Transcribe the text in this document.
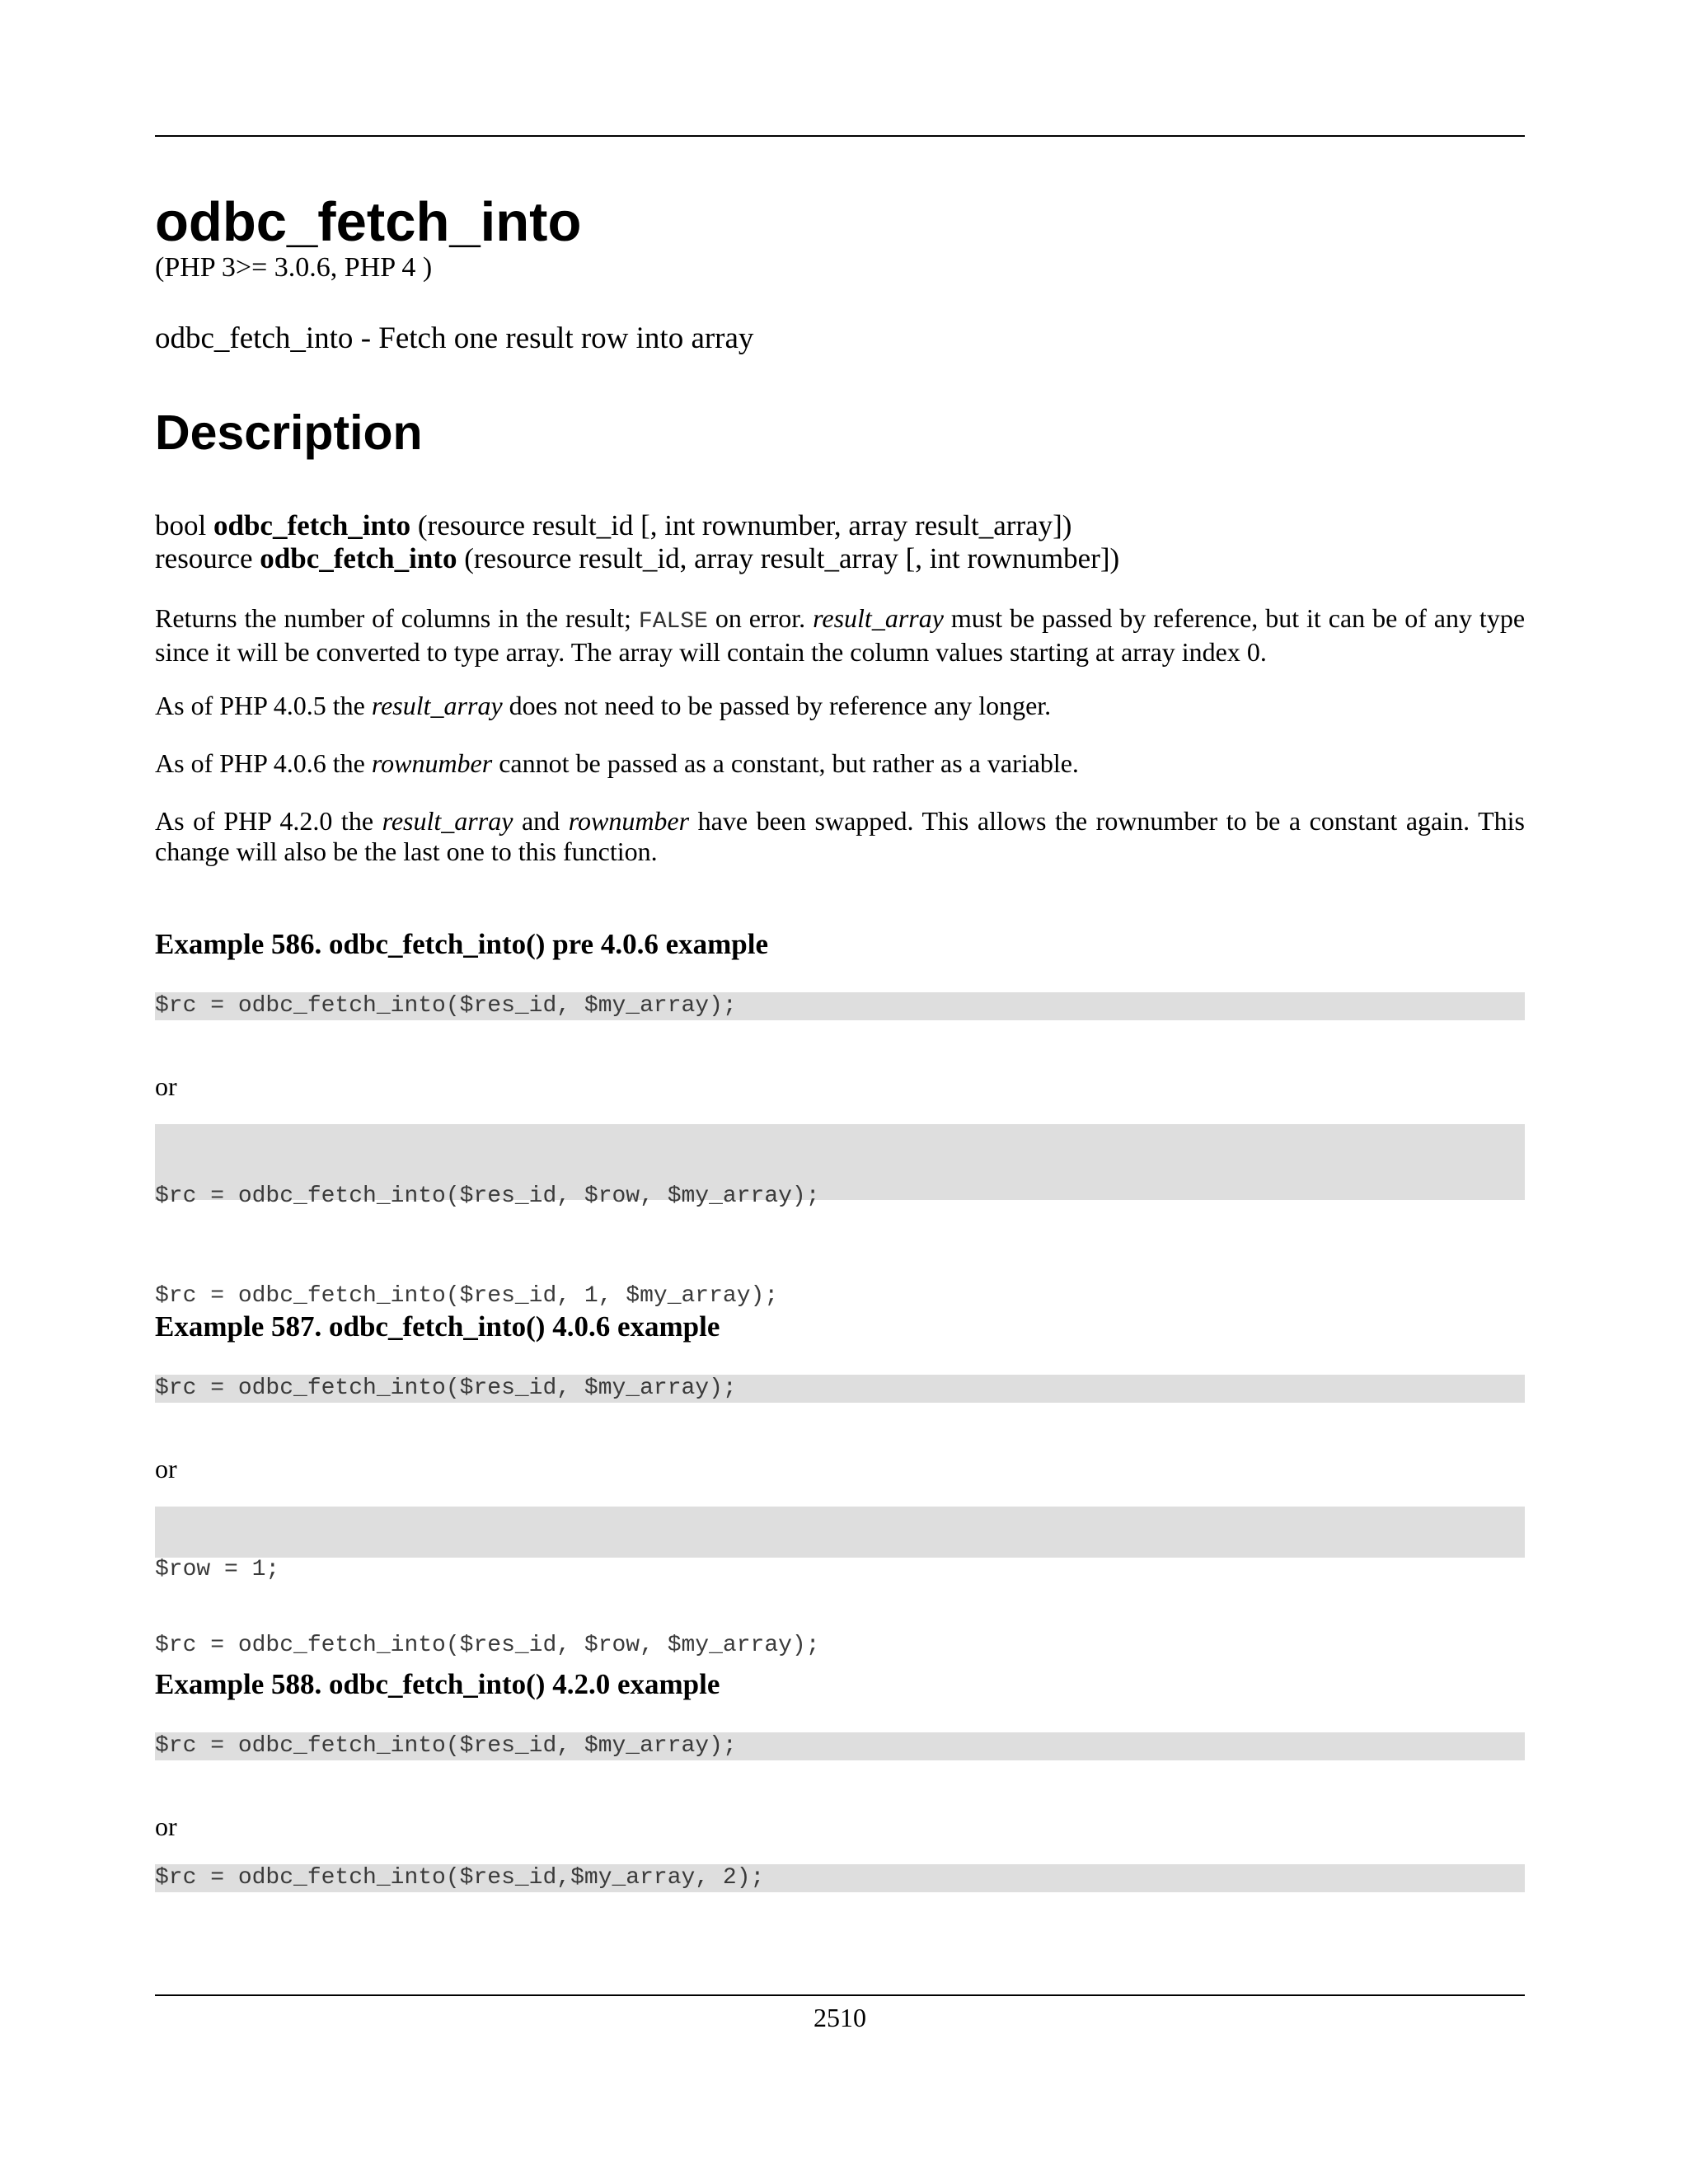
odbc_fetch_into

(PHP 3>= 3.0.6, PHP 4 )

odbc_fetch_into - Fetch one result row into array

Description
bool odbc_fetch_into (resource result_id [, int rownumber, array result_array])
resource odbc_fetch_into (resource result_id, array result_array [, int rownumber])

Returns the number of columns in the result; FALSE on error. result_array must be passed by reference, but it can be of any type since it will be converted to type array. The array will contain the column values starting at array index 0.

As of PHP 4.0.5 the result_array does not need to be passed by reference any longer.

As of PHP 4.0.6 the rownumber cannot be passed as a constant, but rather as a variable.

As of PHP 4.2.0 the result_array and rownumber have been swapped. This allows the rownumber to be a constant again. This change will also be the last one to this function.

Example 586. odbc_fetch_into() pre 4.0.6 example

$rc = odbc_fetch_into($res_id, $my_array);

or

$rc = odbc_fetch_into($res_id, $row, $my_array);

$rc = odbc_fetch_into($res_id, 1, $my_array);

Example 587. odbc_fetch_into() 4.0.6 example

$rc = odbc_fetch_into($res_id, $my_array);

or

$row = 1;

$rc = odbc_fetch_into($res_id, $row, $my_array);

Example 588. odbc_fetch_into() 4.2.0 example

$rc = odbc_fetch_into($res_id, $my_array);

or

$rc = odbc_fetch_into($res_id,$my_array, 2);

2510
